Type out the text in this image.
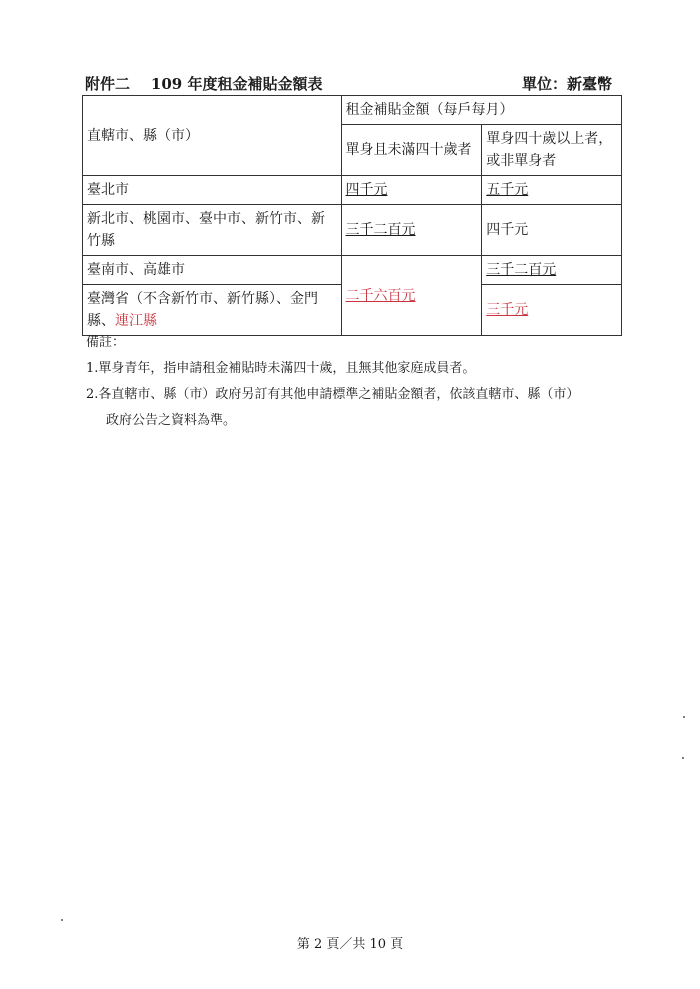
附件二 109 年度租金補貼金額表	單位：新臺幣
直轄市、縣（市）	租金補貼金額（每戶每月）	
	單身且未滿四十歲者	單身四十歲以上者，或非單身者
臺北市	四千元	五千元
新北市、桃園市、臺中市、新竹市、新竹縣	三千二百元	四千元
臺南市、高雄市	二千六百元	三千二百元
臺灣省（不含新竹市、新竹縣）、金門縣、連江縣		三千元
備註：
1.單身青年，指申請租金補貼時未滿四十歲，且無其他家庭成員者。
2.各直轄市、縣（市）政府另訂有其他申請標準之補貼金額者，依該直轄市、縣（市）
政府公告之資料為準。
第 2 頁／共 10 頁
